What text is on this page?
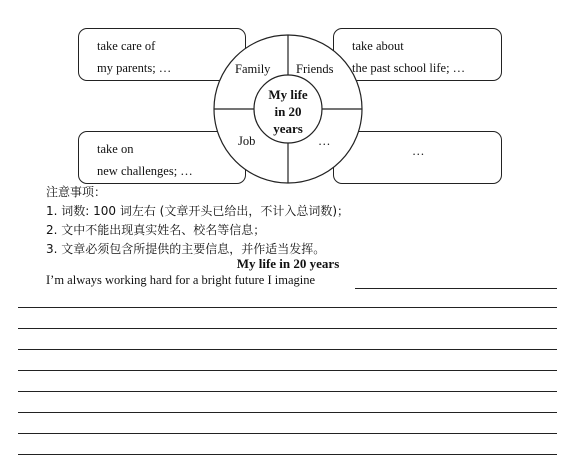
take care of
my parents; …
take about
the past school life; …
take on
new challenges; …
…
Family Friends
Job	…
My life
in 20
years
注意事项：
1. 词数: 100 词左右 (文章开头已给出，不计入总词数)；
2. 文中不能出现真实姓名、校名等信息；
3. 文章必须包含所提供的主要信息，并作适当发挥。
My life in 20 years
I’m always working hard for a bright future I imagine
